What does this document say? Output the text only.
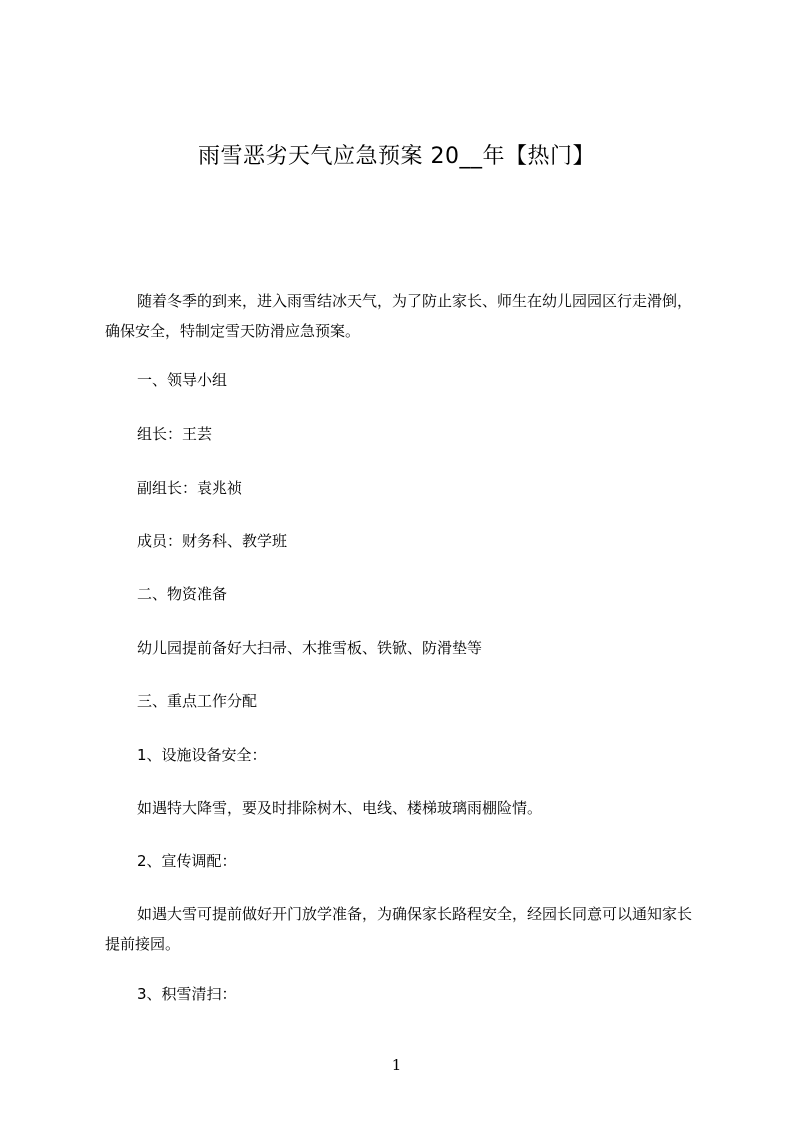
雨雪恶劣天气应急预案 20__年【热门】
随着冬季的到来，进入雨雪结冰天气，为了防止家长、师生在幼儿园园区行走滑倒，确保安全，特制定雪天防滑应急预案。
一、领导小组
组长：王芸
副组长：袁兆祯
成员：财务科、教学班
二、物资准备
幼儿园提前备好大扫帚、木推雪板、铁锨、防滑垫等
三、重点工作分配
1、设施设备安全：
如遇特大降雪，要及时排除树木、电线、楼梯玻璃雨棚险情。
2、宣传调配：
如遇大雪可提前做好开门放学准备，为确保家长路程安全，经园长同意可以通知家长提前接园。
3、积雪清扫：
1
